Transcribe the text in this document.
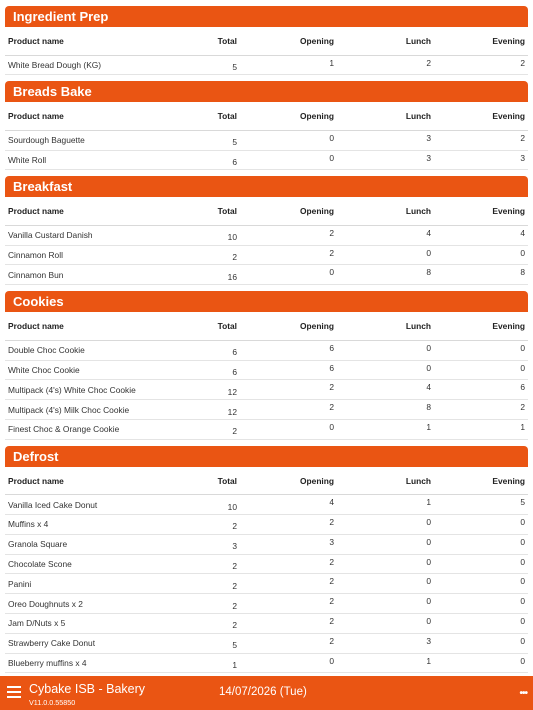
Ingredient Prep
Product name	Total	Opening	Lunch	Evening
White Bread Dough (KG)	5	1	2	2
Breads Bake
Product name	Total	Opening	Lunch	Evening
Sourdough Baguette	5	0	3	2
White Roll	6	0	3	3
Breakfast
Product name	Total	Opening	Lunch	Evening
Vanilla Custard Danish	10	2	4	4
Cinnamon Roll	2	2	0	0
Cinnamon Bun	16	0	8	8
Cookies
Product name	Total	Opening	Lunch	Evening
Double Choc Cookie	6	6	0	0
White Choc Cookie	6	6	0	0
Multipack (4's) White Choc Cookie	12	2	4	6
Multipack (4's) Milk Choc Cookie	12	2	8	2
Finest Choc & Orange Cookie	2	0	1	1
Defrost
Product name	Total	Opening	Lunch	Evening
Vanilla Iced Cake Donut	10	4	1	5
Muffins x 4	2	2	0	0
Granola Square	3	3	0	0
Chocolate Scone	2	2	0	0
Panini	2	2	0	0
Oreo Doughnuts x 2	2	2	0	0
Jam D/Nuts x 5	2	2	0	0
Strawberry Cake Donut	5	2	3	0
Blueberry muffins x 4	1	0	1	0
Cybake ISB - Bakery
V11.0.0.55850
14/07/2026 (Tue)	•••
